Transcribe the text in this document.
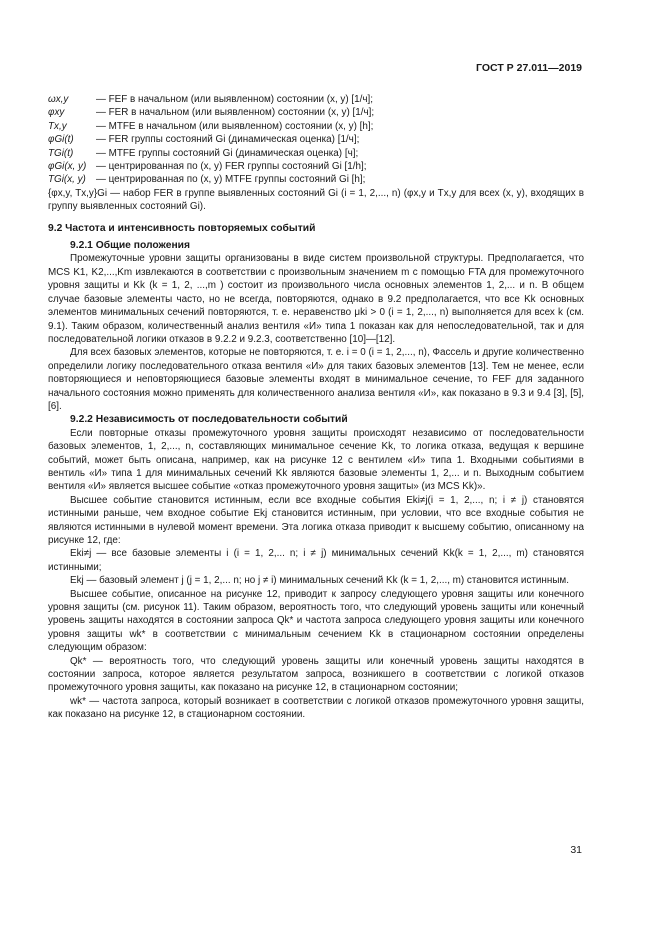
ГОСТ Р 27.011—2019
ωx,y	— FEF в начальном (или выявленном) состоянии (x, y) [1/ч];
φxy	— FER в начальном (или выявленном) состоянии (x, y) [1/ч];
Tx,y	— MTFE в начальном (или выявленном) состоянии (x, y) [h];
φGi(t)	— FER группы состояний Gi (динамическая оценка) [1/ч];
TGi(t)	— MTFE группы состояний Gi (динамическая оценка) [ч];
φGi(x, y) — центрированная по (x, y) FER группы состояний Gi [1/h];
TGi(x, y)	— центрированная по (x, y) MTFE группы состояний Gi [h];
{φx,y, Tx,y}Gi — набор FER в группе выявленных состояний Gi (i = 1, 2,..., n) (φx,y и Tx,y для всех (x, y), входящих в группу выявленных состояний Gi).
9.2 Частота и интенсивность повторяемых событий
9.2.1 Общие положения

Промежуточные уровни защиты организованы в виде систем произвольной структуры. Предполагается, что MCS K1, K2,...,Km извлекаются в соответствии с произвольным значением m с помощью FTA для промежуточного уровня защиты и Kk (k = 1, 2, ...,m ) состоит из произвольного числа основных элементов 1, 2,... и n. В общем случае базовые элементы часто, но не всегда, повторяются, однако в 9.2 предполагается, что все Kk основных элементов минимальных сечений повторяются, т. е. неравенство μki > 0 (i = 1, 2,..., n) выполняется для всех k (см. 9.1). Таким образом, количественный анализ вентиля «И» типа 1 показан как для непоследовательной, так и для последовательной логики отказов в 9.2.2 и 9.2.3, соответственно [10]—[12].

Для всех базовых элементов, которые не повторяются, т. е. i = 0 (i = 1, 2,..., n), Фассель и другие количественно определили логику последовательного отказа вентиля «И» для таких базовых элементов [13]. Тем не менее, если повторяющиеся и неповторяющиеся базовые элементы входят в минимальное сечение, то FEF для заданного начального состояния можно применять для количественного анализа вентиля «И», как показано в 9.3 и 9.4 [3], [5], [6].

9.2.2 Независимость от последовательности событий

Если повторные отказы промежуточного уровня защиты происходят независимо от последовательности базовых элементов, 1, 2,..., n, составляющих минимальное сечение Kk, то логика отказа, ведущая к вершине событий, может быть описана, например, как на рисунке 12 с вентилем «И» типа 1. Входными событиями в вентиль «И» типа 1 для минимальных сечений Kk являются базовые элементы 1, 2,... и n. Выходным событием вентиля «И» является высшее событие «отказ промежуточного уровня защиты» (из MCS Kk)».

Высшее событие становится истинным, если все входные события Eki≠j(i = 1, 2,..., n; i ≠ j) становятся истинными раньше, чем входное событие Ekj становится истинным, при условии, что все входные события не являются истинными в нулевой момент времени. Эта логика отказа приводит к высшему событию, описанному на рисунке 12, где:

Eki≠j — все базовые элементы i (i = 1, 2,... n; i ≠ j) минимальных сечений Kk(k = 1, 2,..., m) становятся истинными;

Ekj — базовый элемент j (j = 1, 2,... n; но j ≠ i) минимальных сечений Kk (k = 1, 2,..., m) становится истинным.

Высшее событие, описанное на рисунке 12, приводит к запросу следующего уровня защиты или конечного уровня защиты (см. рисунок 11). Таким образом, вероятность того, что следующий уровень защиты или конечный уровень защиты находятся в состоянии запроса Qk* и частота запроса следующего уровня защиты или конечного уровня защиты wk* в соответствии с минимальным сечением Kk в стационарном состоянии определены следующим образом:

Qk* — вероятность того, что следующий уровень защиты или конечный уровень защиты находятся в состоянии запроса, которое является результатом запроса, возникшего в соответствии с логикой отказов промежуточного уровня защиты, как показано на рисунке 12, в стационарном состоянии;

wk* — частота запроса, который возникает в соответствии с логикой отказов промежуточного уровня защиты, как показано на рисунке 12, в стационарном состоянии.

31
